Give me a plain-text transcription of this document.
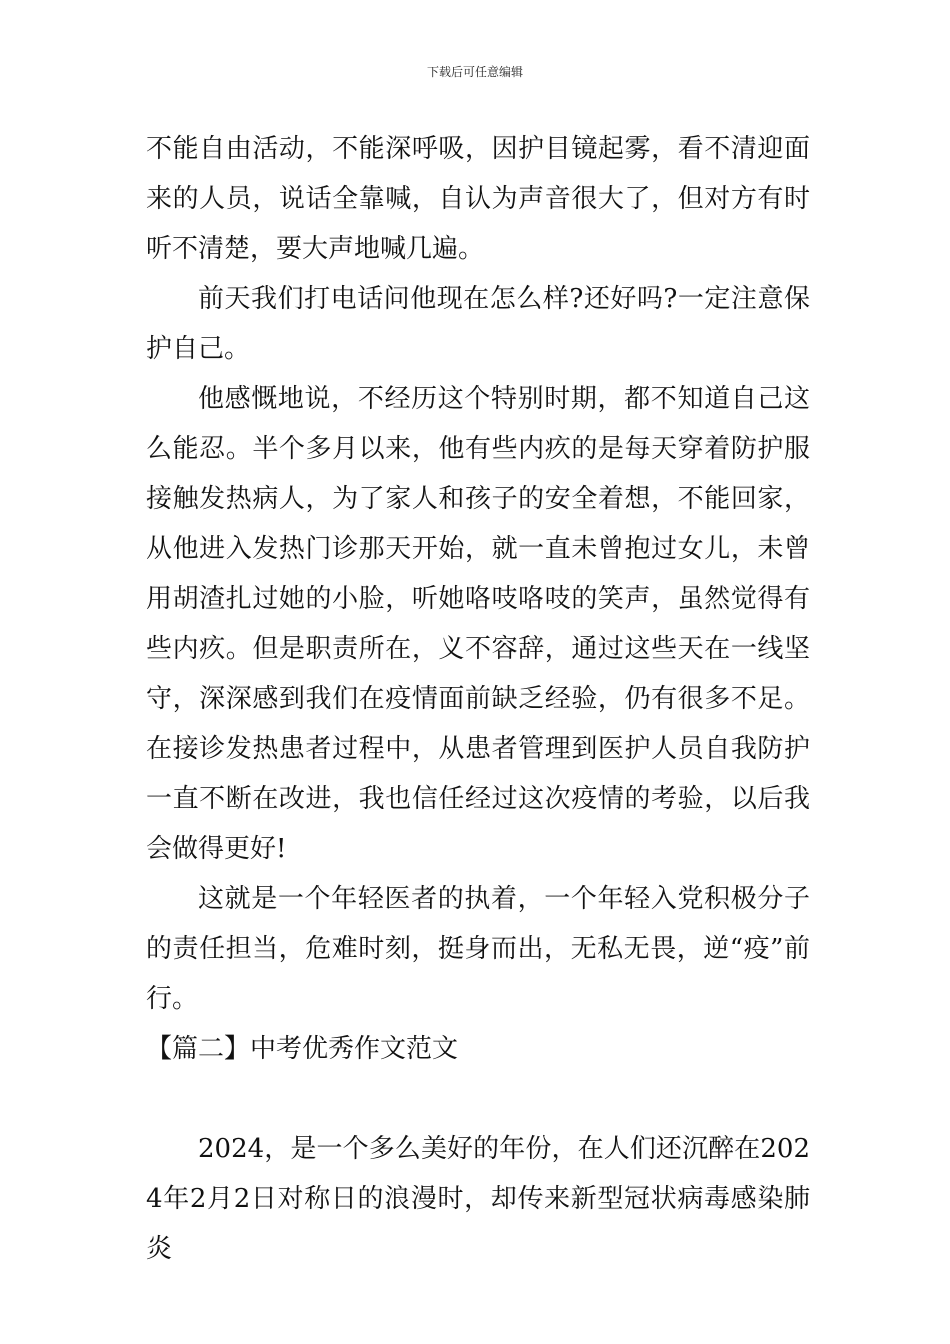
下载后可任意编辑

不能自由活动，不能深呼吸，因护目镜起雾，看不清迎面来的人员，说话全靠喊，自认为声音很大了，但对方有时听不清楚，要大声地喊几遍。

前天我们打电话问他现在怎么样?还好吗?一定注意保护自己。

他感慨地说，不经历这个特别时期，都不知道自己这么能忍。半个多月以来，他有些内疚的是每天穿着防护服接触发热病人，为了家人和孩子的安全着想，不能回家，从他进入发热门诊那天开始，就一直未曾抱过女儿，未曾用胡渣扎过她的小脸，听她咯吱咯吱的笑声，虽然觉得有些内疚。但是职责所在，义不容辞，通过这些天在一线坚守，深深感到我们在疫情面前缺乏经验，仍有很多不足。在接诊发热患者过程中，从患者管理到医护人员自我防护一直不断在改进，我也信任经过这次疫情的考验，以后我会做得更好!

这就是一个年轻医者的执着，一个年轻入党积极分子的责任担当，危难时刻，挺身而出，无私无畏，逆“疫”前行。

【篇二】中考优秀作文范文

2024，是一个多么美好的年份，在人们还沉醉在2024年2月2日对称日的浪漫时，却传来新型冠状病毒感染肺炎
